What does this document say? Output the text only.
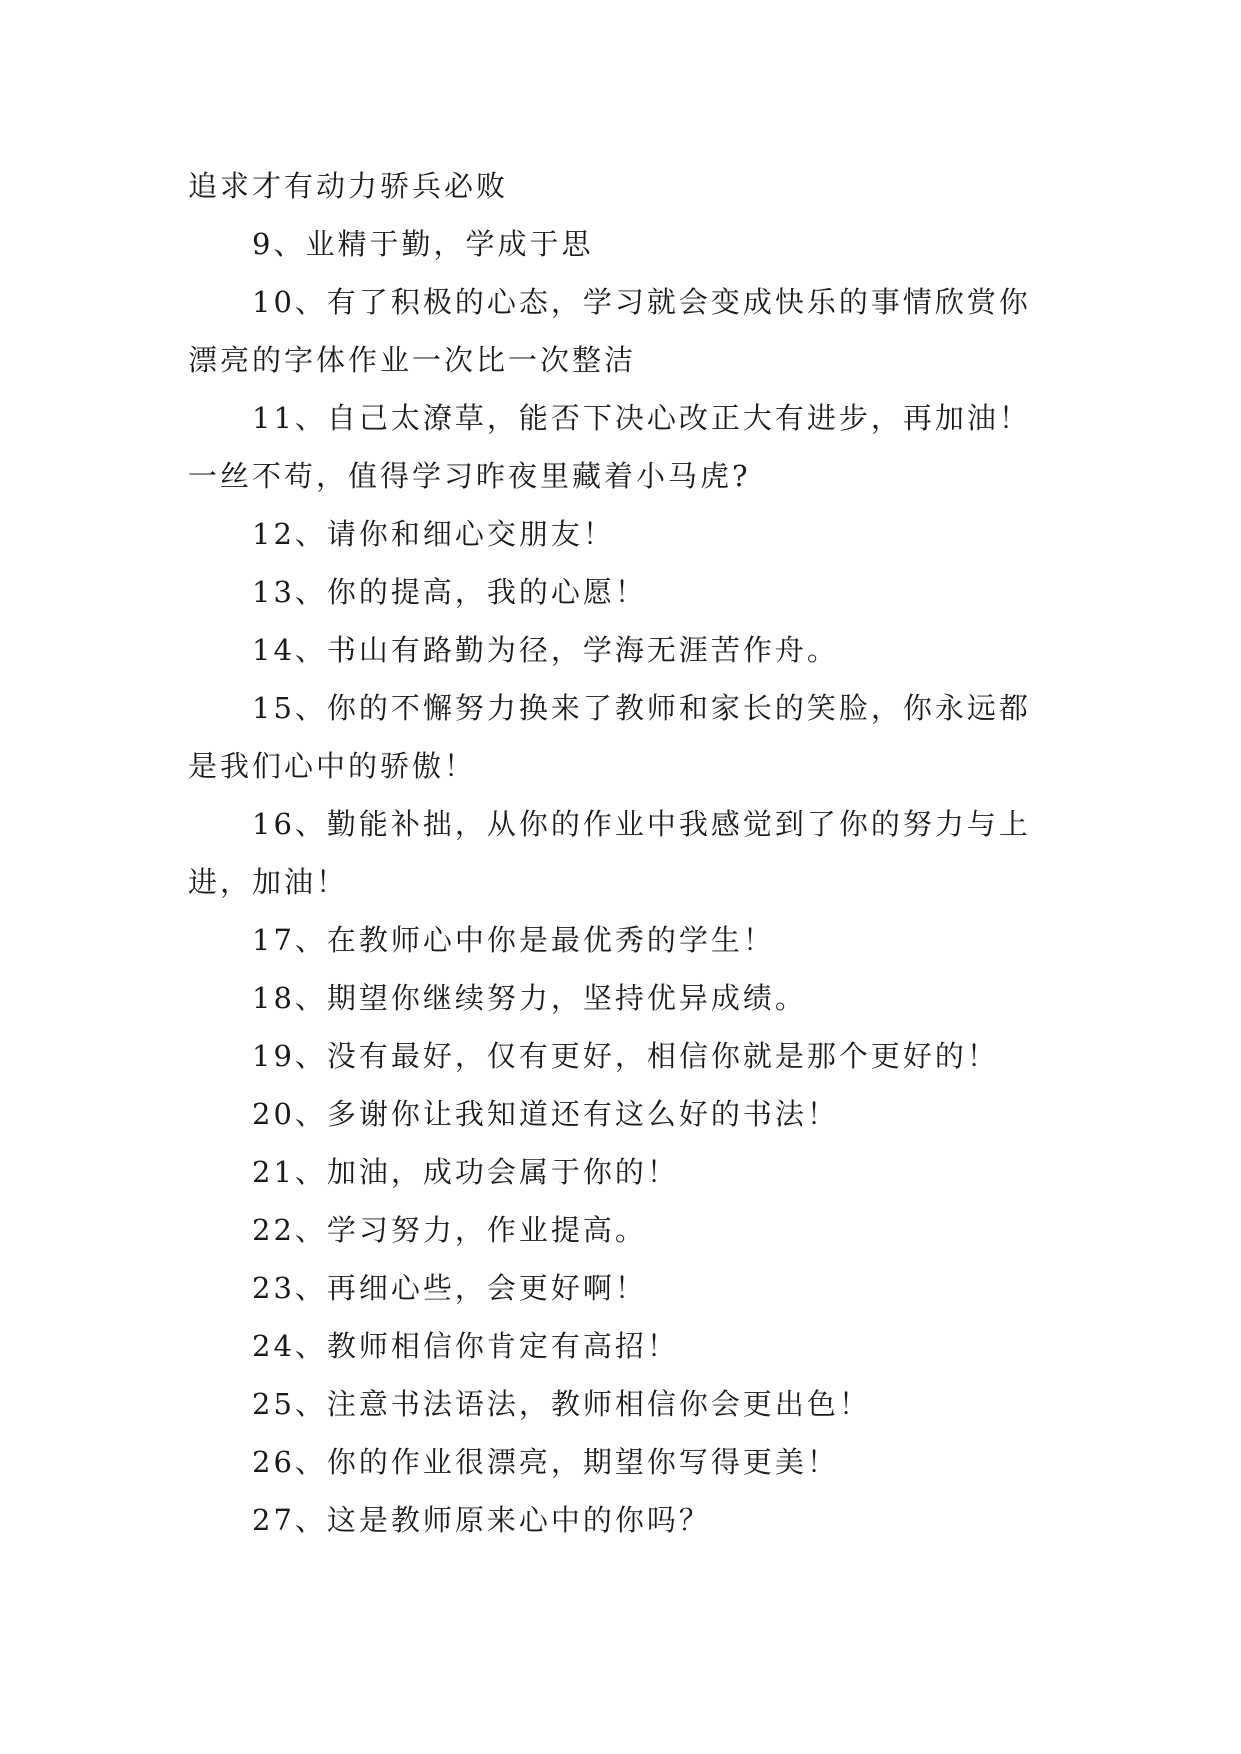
追求才有动力骄兵必败

9、业精于勤，学成于思

10、有了积极的心态，学习就会变成快乐的事情欣赏你漂亮的字体作业一次比一次整洁

11、自己太潦草，能否下决心改正大有进步，再加油！一丝不苟，值得学习昨夜里藏着小马虎?

12、请你和细心交朋友！

13、你的提高，我的心愿！

14、书山有路勤为径，学海无涯苦作舟。

15、你的不懈努力换来了教师和家长的笑脸，你永远都是我们心中的骄傲！

16、勤能补拙，从你的作业中我感觉到了你的努力与上进，加油！

17、在教师心中你是最优秀的学生！

18、期望你继续努力，坚持优异成绩。

19、没有最好，仅有更好，相信你就是那个更好的！

20、多谢你让我知道还有这么好的书法！

21、加油，成功会属于你的！

22、学习努力，作业提高。

23、再细心些，会更好啊！

24、教师相信你肯定有高招！

25、注意书法语法，教师相信你会更出色！

26、你的作业很漂亮，期望你写得更美！

27、这是教师原来心中的你吗？
